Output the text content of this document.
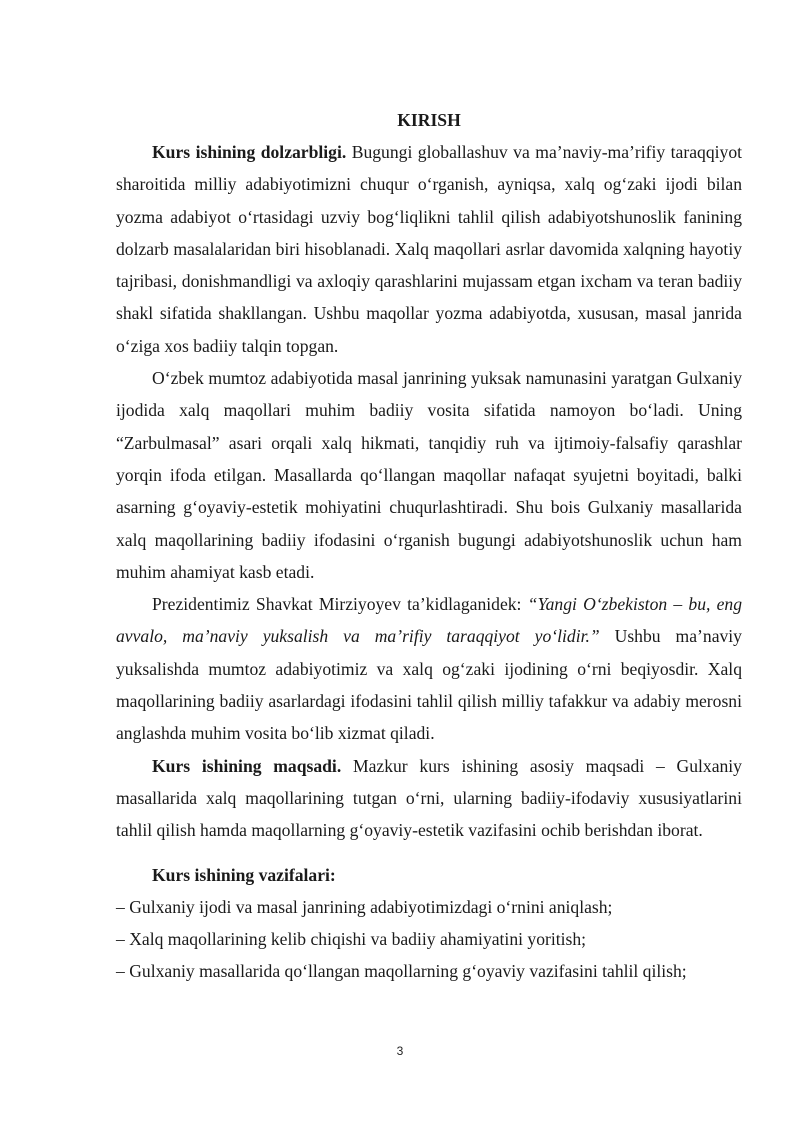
KIRISH

Kurs ishining dolzarbligi. Bugungi globallashuv va ma’naviy-ma’rifiy taraqqiyot sharoitida milliy adabiyotimizni chuqur o‘rganish, ayniqsa, xalq og‘zaki ijodi bilan yozma adabiyot o‘rtasidagi uzviy bog‘liqlikni tahlil qilish adabiyotshunoslik fanining dolzarb masalalaridan biri hisoblanadi. Xalq maqollari asrlar davomida xalqning hayotiy tajribasi, donishmandligi va axloqiy qarashlarini mujassam etgan ixcham va teran badiiy shakl sifatida shakllangan. Ushbu maqollar yozma adabiyotda, xususan, masal janrida o‘ziga xos badiiy talqin topgan.

O‘zbek mumtoz adabiyotida masal janrining yuksak namunasini yaratgan Gulxaniy ijodida xalq maqollari muhim badiiy vosita sifatida namoyon bo‘ladi. Uning “Zarbulmasal” asari orqali xalq hikmati, tanqidiy ruh va ijtimoiy-falsafiy qarashlar yorqin ifoda etilgan. Masallarda qo‘llangan maqollar nafaqat syujetni boyitadi, balki asarning g‘oyaviy-estetik mohiyatini chuqurlashtiradi. Shu bois Gulxaniy masallarida xalq maqollarining badiiy ifodasini o‘rganish bugungi adabiyotshunoslik uchun ham muhim ahamiyat kasb etadi.

Prezidentimiz Shavkat Mirziyoyev ta’kidlaganidek: “Yangi O‘zbekiston – bu, eng avvalo, ma’naviy yuksalish va ma’rifiy taraqqiyot yo‘lidir.” Ushbu ma’naviy yuksalishda mumtoz adabiyotimiz va xalq og‘zaki ijodining o‘rni beqiyosdir. Xalq maqollarining badiiy asarlardagi ifodasini tahlil qilish milliy tafakkur va adabiy merosni anglashda muhim vosita bo‘lib xizmat qiladi.

Kurs ishining maqsadi. Mazkur kurs ishining asosiy maqsadi – Gulxaniy masallarida xalq maqollarining tutgan o‘rni, ularning badiiy-ifodaviy xususiyatlarini tahlil qilish hamda maqollarning g‘oyaviy-estetik vazifasini ochib berishdan iborat.

Kurs ishining vazifalari:

– Gulxaniy ijodi va masal janrining adabiyotimizdagi o‘rnini aniqlash;

– Xalq maqollarining kelib chiqishi va badiiy ahamiyatini yoritish;

– Gulxaniy masallarida qo‘llangan maqollarning g‘oyaviy vazifasini tahlil qilish;

3
